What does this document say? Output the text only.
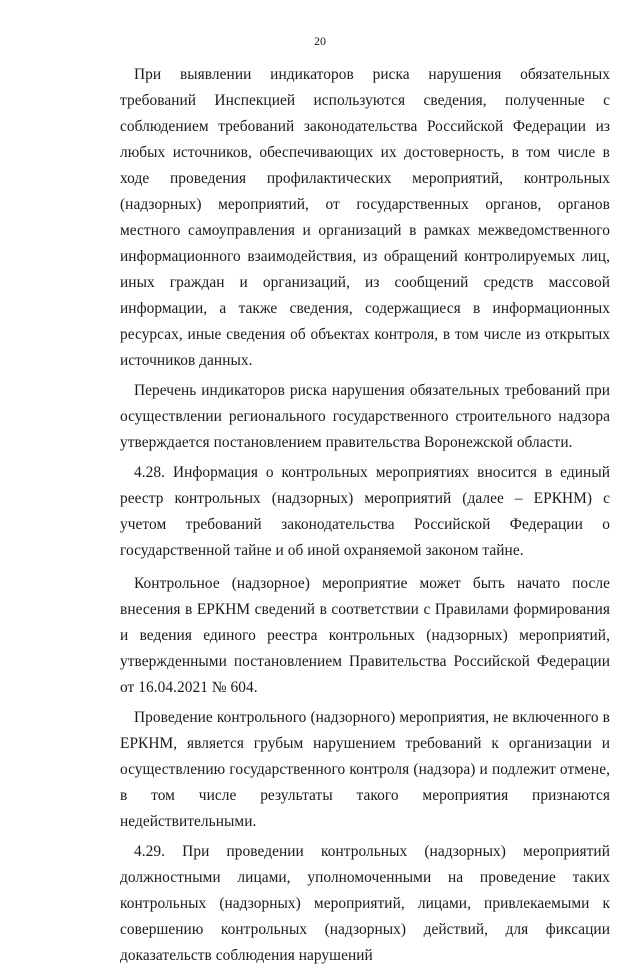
20

При выявлении индикаторов риска нарушения обязательных требований Инспекцией используются сведения, полученные с соблюдением требований законодательства Российской Федерации из любых источников, обеспечивающих их достоверность, в том числе в ходе проведения профилактических мероприятий, контрольных (надзорных) мероприятий, от государственных органов, органов местного самоуправления и организаций в рамках межведомственного информационного взаимодействия, из обращений контролируемых лиц, иных граждан и организаций, из сообщений средств массовой информации, а также сведения, содержащиеся в информационных ресурсах, иные сведения об объектах контроля, в том числе из открытых источников данных.

Перечень индикаторов риска нарушения обязательных требований при осуществлении регионального государственного строительного надзора утверждается постановлением правительства Воронежской области.

4.28. Информация о контрольных мероприятиях вносится в единый реестр контрольных (надзорных) мероприятий (далее – ЕРКНМ) с учетом требований законодательства Российской Федерации о государственной тайне и об иной охраняемой законом тайне.

Контрольное (надзорное) мероприятие может быть начато после внесения в ЕРКНМ сведений в соответствии с Правилами формирования и ведения единого реестра контрольных (надзорных) мероприятий, утвержденными постановлением Правительства Российской Федерации от 16.04.2021 № 604.

Проведение контрольного (надзорного) мероприятия, не включенного в ЕРКНМ, является грубым нарушением требований к организации и осуществлению государственного контроля (надзора) и подлежит отмене, в том числе результаты такого мероприятия признаются недействительными.

4.29. При проведении контрольных (надзорных) мероприятий должностными лицами, уполномоченными на проведение таких контрольных (надзорных) мероприятий, лицами, привлекаемыми к совершению контрольных (надзорных) действий, для фиксации доказательств соблюдения нарушений
